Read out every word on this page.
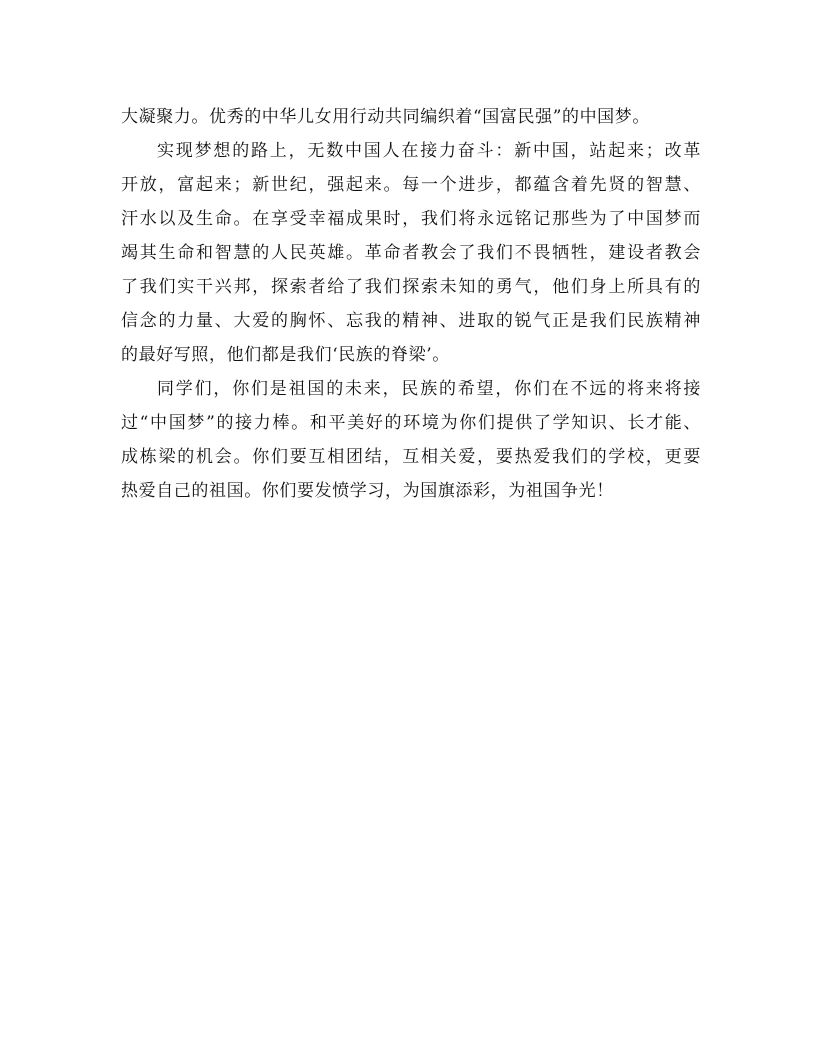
大凝聚力。优秀的中华儿女用行动共同编织着“国富民强”的中国梦。
实现梦想的路上，无数中国人在接力奋斗：新中国，站起来；改革
开放，富起来；新世纪，强起来。每一个进步，都蕴含着先贤的智慧、
汗水以及生命。在享受幸福成果时，我们将永远铭记那些为了中国梦而
竭其生命和智慧的人民英雄。革命者教会了我们不畏牺牲，建设者教会
了我们实干兴邦，探索者给了我们探索未知的勇气，他们身上所具有的
信念的力量、大爱的胸怀、忘我的精神、进取的锐气正是我们民族精神
的最好写照，他们都是我们‘民族的脊梁’。
同学们，你们是祖国的未来，民族的希望，你们在不远的将来将接
过“中国梦”的接力棒。和平美好的环境为你们提供了学知识、长才能、
成栋梁的机会。你们要互相团结，互相关爱，要热爱我们的学校，更要
热爱自己的祖国。你们要发愤学习，为国旗添彩，为祖国争光！
